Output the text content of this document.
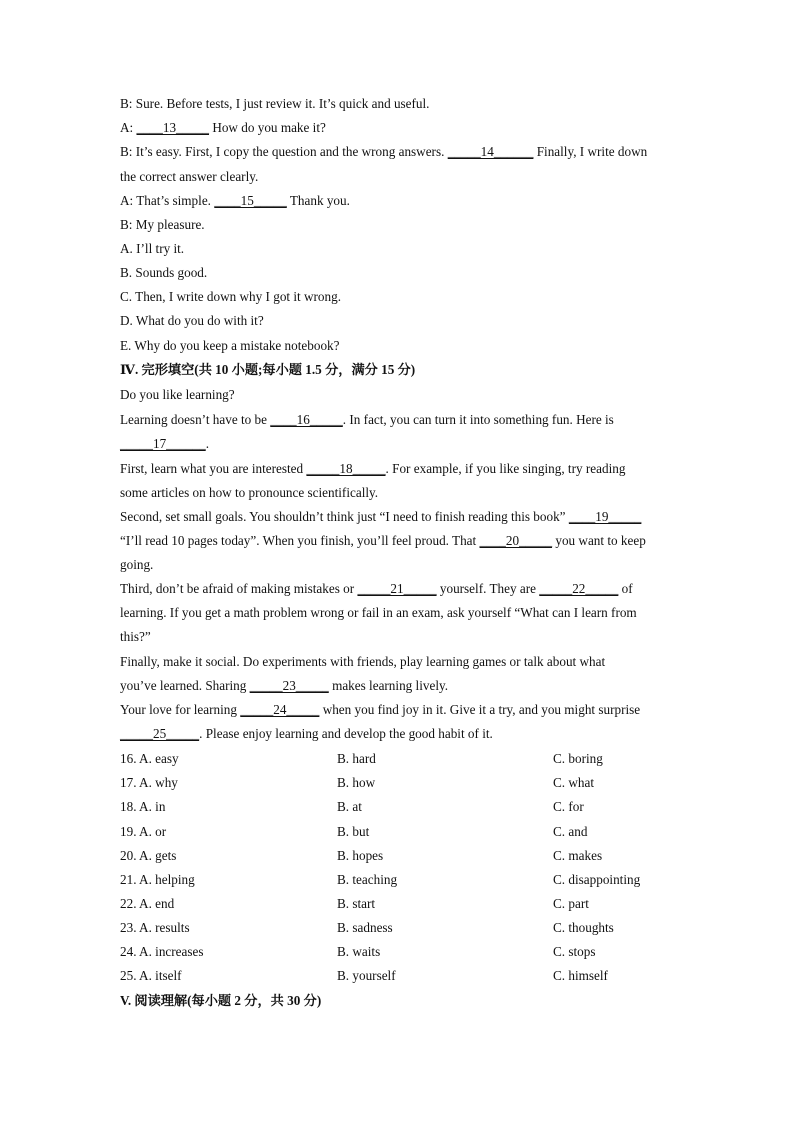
B: Sure. Before tests, I just review it. It’s quick and useful.
A: ____13_____ How do you make it?
B: It’s easy. First, I copy the question and the wrong answers. _____14______ Finally, I write down
the correct answer clearly.
A: That’s simple. ____15_____ Thank you.
B: My pleasure.
A. I’ll try it.
B. Sounds good.
C. Then, I write down why I got it wrong.
D. What do you do with it?
E. Why do you keep a mistake notebook?
Ⅳ. 完形填空(共 10 小题;每小题 1.5 分，满分 15 分)
Do you like learning?
Learning doesn’t have to be ____16_____. In fact, you can turn it into something fun. Here is
_____17______.
First, learn what you are interested _____18_____. For example, if you like singing, try reading
some articles on how to pronounce scientifically.
Second, set small goals. You shouldn’t think just “I need to finish reading this book” ____19_____
“I’ll read 10 pages today”. When you finish, you’ll feel proud. That ____20_____ you want to keep
going.
Third, don’t be afraid of making mistakes or _____21_____ yourself. They are _____22_____ of
learning. If you get a math problem wrong or fail in an exam, ask yourself “What can I learn from
this?”
Finally, make it social. Do experiments with friends, play learning games or talk about what
you’ve learned. Sharing _____23_____ makes learning lively.
Your love for learning _____24_____ when you find joy in it. Give it a try, and you might surprise
_____25_____. Please enjoy learning and develop the good habit of it.
16. A. easy	B. hard	C. boring
17. A. why	B. how	C. what
18. A. in	B. at	C. for
19. A. or	B. but	C. and
20. A. gets	B. hopes	C. makes
21. A. helping	B. teaching	C. disappointing
22. A. end	B. start	C. part
23. A. results	B. sadness	C. thoughts
24. A. increases	B. waits	C. stops
25. A. itself	B. yourself	C. himself
V. 阅读理解(每小题 2 分，共 30 分)
